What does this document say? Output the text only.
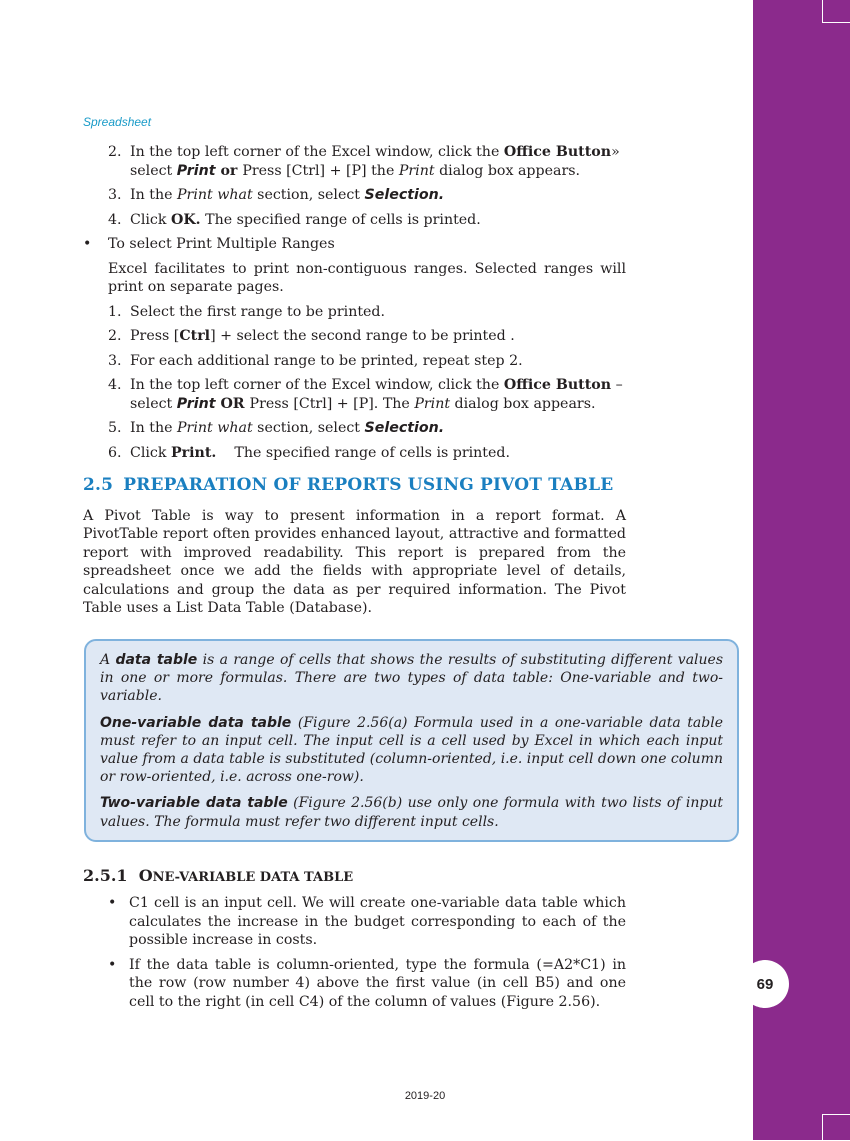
69
Spreadsheet
2. In the top left corner of the Excel window, click the Office Button» select Print or Press [Ctrl] + [P] the Print dialog box appears.
3. In the Print what section, select Selection.
4. Click OK. The specified range of cells is printed.
• To select Print Multiple Ranges
Excel facilitates to print non-contiguous ranges. Selected ranges will print on separate pages.
1. Select the first range to be printed.
2. Press [Ctrl] + select the second range to be printed .
3. For each additional range to be printed, repeat step 2.
4. In the top left corner of the Excel window, click the Office Button – select Print OR Press [Ctrl] + [P]. The Print dialog box appears.
5. In the Print what section, select Selection.
6. Click Print.    The specified range of cells is printed.
2.5 PREPARATION OF REPORTS USING PIVOT TABLE

A Pivot Table is way to present information in a report format. A PivotTable report often provides enhanced layout, attractive and formatted report with improved readability. This report is prepared from the spreadsheet once we add the fields with appropriate level of details, calculations and group the data as per required information. The Pivot Table uses a List Data Table (Database).

A data table is a range of cells that shows the results of substituting different values in one or more formulas. There are two types of data table: One-variable and two-variable.

One-variable data table (Figure 2.56(a) Formula used in a one-variable data table must refer to an input cell. The input cell is a cell used by Excel in which each input value from a data table is substituted (column-oriented, i.e. input cell down one column or row-oriented, i.e. across one-row).

Two-variable data table (Figure 2.56(b) use only one formula with two lists of input values. The formula must refer two different input cells.

2.5.1 ONE-VARIABLE DATA TABLE
• C1 cell is an input cell. We will create one-variable data table which calculates the increase in the budget corresponding to each of the possible increase in costs.
• If the data table is column-oriented, type the formula (=A2*C1) in the row (row number 4) above the first value (in cell B5) and one cell to the right (in cell C4) of the column of values (Figure 2.56).
2019-20
